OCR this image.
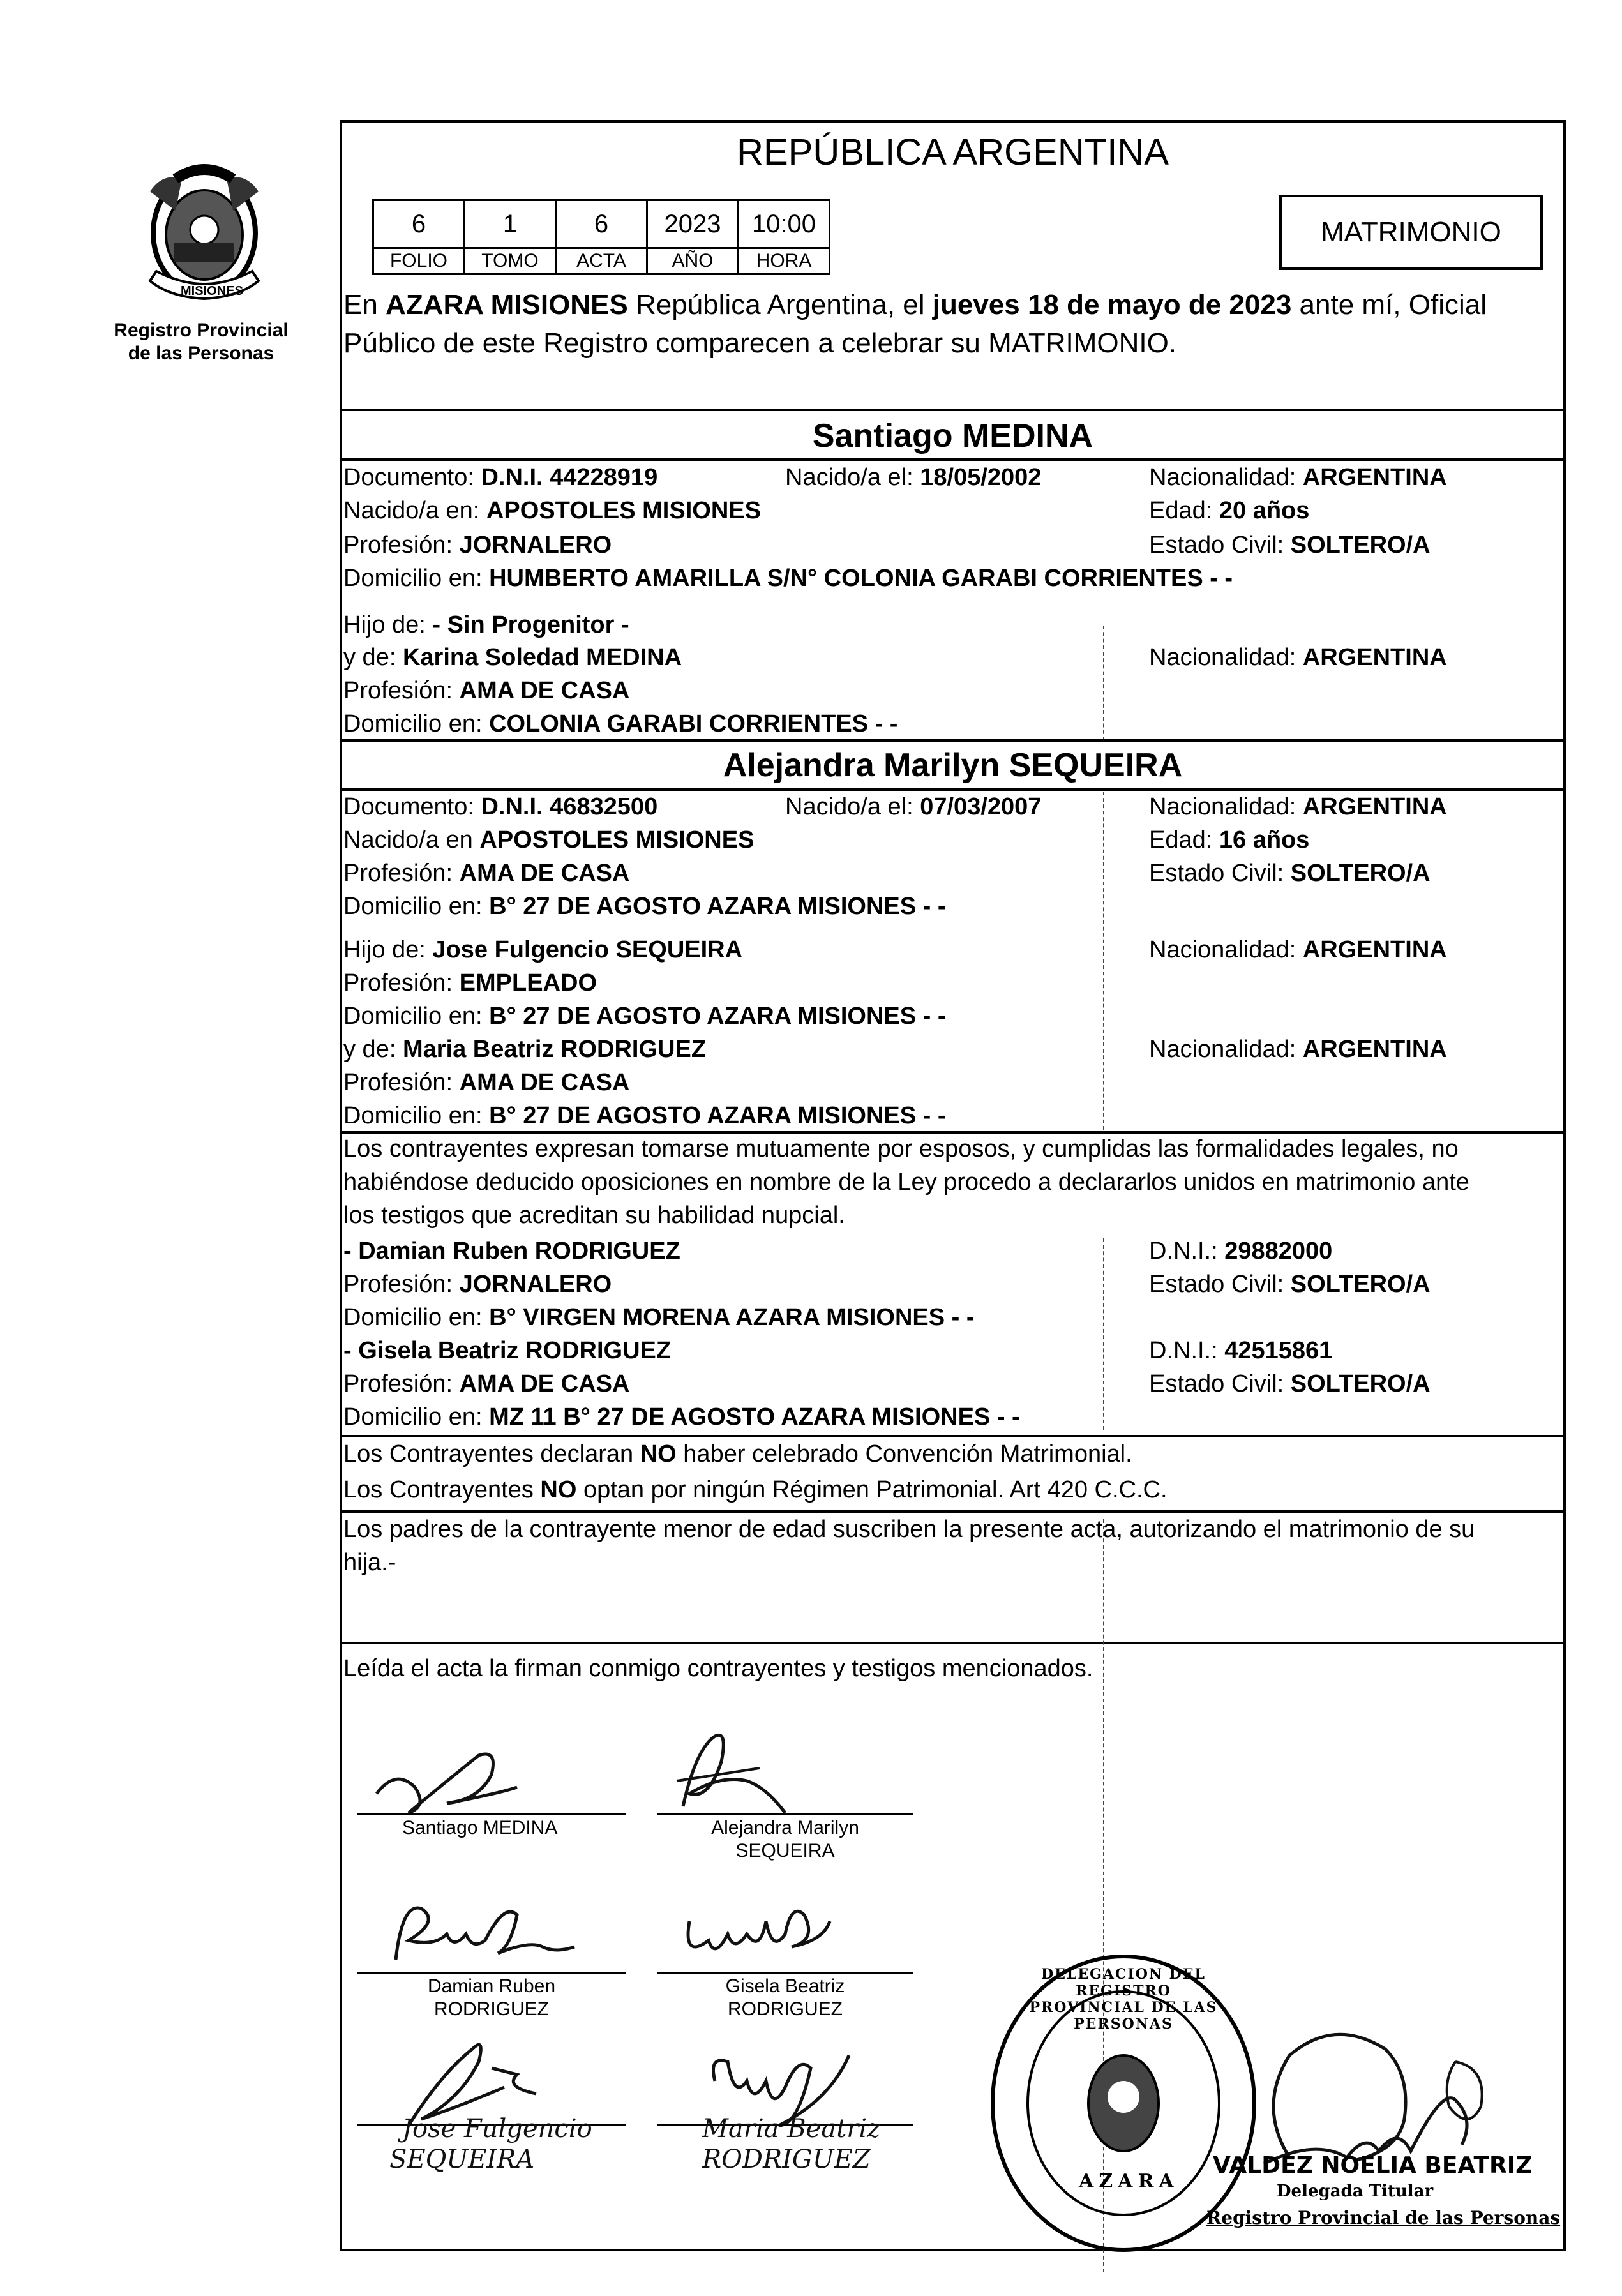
PROVINCIA DE
MISIONES
Registro Provincial
de las Personas
REPÚBLICA ARGENTINA
6	1	6	2023	10:00
FOLIO	TOMO	ACTA	AÑO	HORA
MATRIMONIO
En AZARA MISIONES República Argentina, el jueves 18 de mayo de 2023 ante mí, Oficial
Público de este Registro comparecen a celebrar su MATRIMONIO.
Santiago MEDINA
Documento: D.N.I. 44228919	Nacido/a el: 18/05/2002	Nacionalidad: ARGENTINA
Nacido/a en: APOSTOLES MISIONES	Edad: 20 años
Profesión: JORNALERO	Estado Civil: SOLTERO/A
Domicilio en: HUMBERTO AMARILLA S/N° COLONIA GARABI CORRIENTES - -
Hijo de: - Sin Progenitor -
y de: Karina Soledad MEDINA	Nacionalidad: ARGENTINA
Profesión: AMA DE CASA
Domicilio en: COLONIA GARABI CORRIENTES - -
Alejandra Marilyn SEQUEIRA
Documento: D.N.I. 46832500	Nacido/a el: 07/03/2007	Nacionalidad: ARGENTINA
Nacido/a en APOSTOLES MISIONES	Edad: 16 años
Profesión: AMA DE CASA	Estado Civil: SOLTERO/A
Domicilio en: B° 27 DE AGOSTO AZARA MISIONES - -
Hijo de: Jose Fulgencio SEQUEIRA	Nacionalidad: ARGENTINA
Profesión: EMPLEADO
Domicilio en: B° 27 DE AGOSTO AZARA MISIONES - -
y de: Maria Beatriz RODRIGUEZ	Nacionalidad: ARGENTINA
Profesión: AMA DE CASA
Domicilio en: B° 27 DE AGOSTO AZARA MISIONES - -
Los contrayentes expresan tomarse mutuamente por esposos, y cumplidas las formalidades legales, no
habiéndose deducido oposiciones en nombre de la Ley procedo a declararlos unidos en matrimonio ante
los testigos que acreditan su habilidad nupcial.
- Damian Ruben RODRIGUEZ	D.N.I.: 29882000
Profesión: JORNALERO	Estado Civil: SOLTERO/A
Domicilio en: B° VIRGEN MORENA AZARA MISIONES - -
- Gisela Beatriz RODRIGUEZ	D.N.I.: 42515861
Profesión: AMA DE CASA	Estado Civil: SOLTERO/A
Domicilio en: MZ 11 B° 27 DE AGOSTO AZARA MISIONES - -
Los Contrayentes declaran NO haber celebrado Convención Matrimonial.
Los Contrayentes NO optan por ningún Régimen Patrimonial. Art 420 C.C.C.
Los padres de la contrayente menor de edad suscriben la presente acta, autorizando el matrimonio de su
hija.-
Leída el acta la firman conmigo contrayentes y testigos mencionados.
Santiago MEDINA	Alejandra Marilyn
SEQUEIRA
Damian Ruben
RODRIGUEZ
Gisela Beatriz
RODRIGUEZ
Jose Fulgencio
SEQUEIRA
Maria Beatriz
RODRIGUEZ
DELEGACION DEL REGISTRO PROVINCIAL DE LAS PERSONAS
AZARA
VALDEZ NOELIA BEATRIZ
Delegada Titular
Registro Provincial de las Personas
